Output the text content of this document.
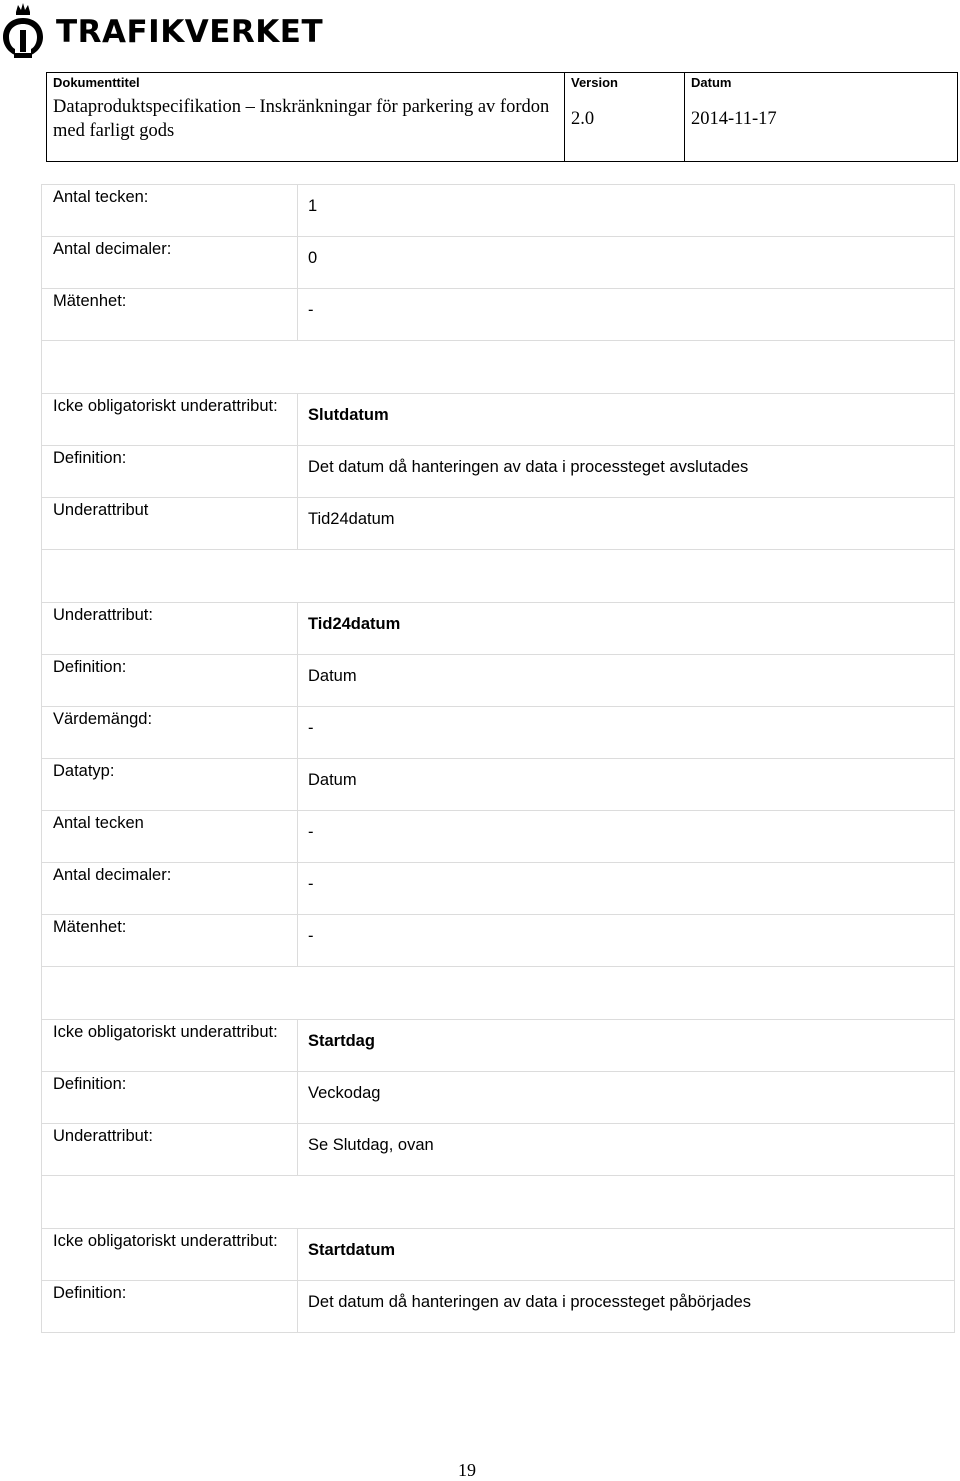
TRAFIKVERKET
Dokumenttitel
Dataproduktspecifikation – Inskränkningar för parkering av fordon med farligt gods
Version
2.0
Datum
2014-11-17
Antal tecken:	1
Antal decimaler:	0
Mätenhet:	-

Icke obligatoriskt underattribut:	Slutdatum
Definition:	Det datum då hanteringen av data i processteget avslutades
Underattribut	Tid24datum

Underattribut:	Tid24datum
Definition:	Datum
Värdemängd:	-
Datatyp:	Datum
Antal tecken	-
Antal decimaler:	-
Mätenhet:	-

Icke obligatoriskt underattribut:	Startdag
Definition:	Veckodag
Underattribut:	Se Slutdag, ovan

Icke obligatoriskt underattribut:	Startdatum
Definition:	Det datum då hanteringen av data i processteget påbörjades
19
